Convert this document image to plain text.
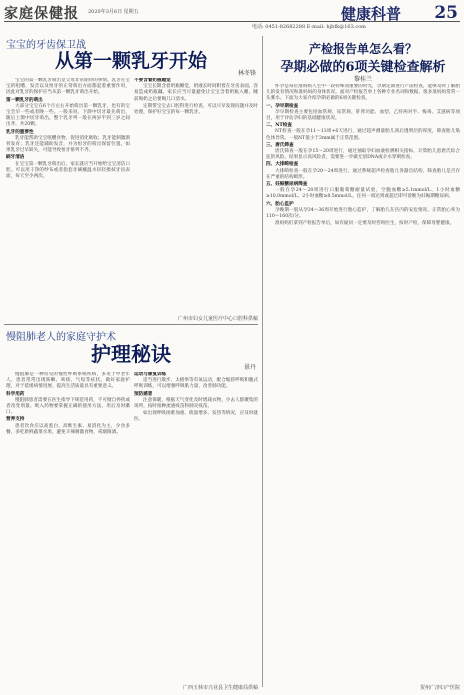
家庭保健报 2020年3月6日 星期五	健康科普 25
电话: 0451-82682288 E-mail: hjbfk@163.com
宝宝的牙齿保卫战
从第一颗乳牙开始
林冬锋

宝宝的第一颗乳牙萌出是父母非常期待的事情。乳牙在宝宝的咀嚼、发音以及恒牙的正常萌出方面都起着重要作用，因此对乳牙的保护应当从第一颗乳牙萌出开始。

第一颗乳牙的萌出

大部分宝宝在6个月左右开始萌出第一颗乳牙，也有的宝宝会早一些或者晚一些。一般来说，下颌中切牙最先萌出，随后上颌中切牙萌出，整个乳牙列一般在两岁半到三岁之间出齐，共20颗。

乳牙的重要性

乳牙能帮助宝宝咀嚼食物，促进消化吸收；乳牙能刺激颌骨发育；乳牙还能辅助发音，并为恒牙的萌出保留位置。如果乳牙过早缺失，可能导致恒牙排列不齐。

刷牙清洁

在宝宝第一颗乳牙萌出后，家长就应当开始给宝宝清洁口腔。可以用干净的纱布或者指套牙刷蘸温水轻轻擦拭牙齿表面，每天至少两次。

不要含着奶瓶睡觉

宝宝长期含着奶瓶睡觉，奶液长时间附着在牙齿表面，容易造成奶瓶龋。家长应当尽量避免让宝宝含着奶瓶入睡，睡前喝奶之后要喝几口清水。

定期带宝宝去口腔科进行检查，可以尽早发现问题并及时处理，保护好宝宝的每一颗乳牙。

广州市妇女儿童医疗中心口腔科供稿
慢阻肺老人的家庭守护术
护理秘诀
景丹

慢阻肺是一种常见的慢性呼吸系统疾病，多见于中老年人，患者常常出现咳嗽、咳痰、气短等症状。做好家庭护理，对于延缓病情进展、提高生活质量具有重要意义。

科学用药

慢阻肺患者需要在医生指导下规范用药，不可擅自停药或者改变剂量。吸入药物要掌握正确的使用方法，用后及时漱口。

营养支持

患者饮食应以高蛋白、高维生素、易消化为主，少食多餐，多吃新鲜蔬菜水果，避免辛辣刺激食物，戒烟限酒。

运动与康复训练

适当进行散步、太极拳等有氧运动，配合缩唇呼吸和腹式呼吸训练，可以增强呼吸肌力量，改善肺功能。

预防感冒

注意保暖，根据天气变化及时增减衣物，少去人群聚集的场所，按时接种流感疫苗和肺炎疫苗。

如出现呼吸困难加重、痰量增多、发热等情况，应及时就医。

广西玉林市兴业县卫生健康局供稿
产检报告单怎么看？
孕期必做的6项关键检查解析
黎桂兰

怀孕是每位准妈妈人生中一段特殊而重要的时光，孕期定期进行产前检查，能够及时了解胎儿的发育情况和准妈妈的身体状况。面对产检报告单上各种专业名词和数据，很多准妈妈常常一头雾水。下面为大家介绍孕期必做的6项关键检查。

一、孕早期检查

孕早期检查主要包括血常规、尿常规、肝肾功能、血型、乙肝两对半、梅毒、艾滋病等项目，用于评估孕妇的基础健康状况。

二、NT检查

NT检查一般在孕11～13周+6天进行，通过超声测量胎儿颈后透明层的厚度，筛查胎儿染色体异常。一般NT值小于3mm属于正常范围。

三、唐氏筛查

唐氏筛查一般在孕15～20周进行，通过抽取孕妇血液检测相关指标，计算胎儿患唐氏综合征的风险。结果显示高风险者，需要进一步做无创DNA或羊水穿刺检查。

四、大排畸检查

大排畸检查一般在孕20～24周进行，通过系统超声检查胎儿各器官结构，筛查胎儿是否存在严重的结构畸形。

五、妊娠糖尿病筛查

一般在孕24～28周进行口服葡萄糖耐量试验，空腹血糖≥5.1mmol/L、1小时血糖≥10.0mmol/L、2小时血糖≥8.5mmol/L，任何一项达到或超过即可诊断为妊娠期糖尿病。

六、胎心监护

孕晚期一般从孕34～36周开始进行胎心监护，了解胎儿在宫内的安危情况。正常胎心率为110～160次/分。

准妈妈们拿到产检报告单后，如有疑问一定要及时咨询医生，按时产检，保障母婴健康。

贺州广济妇产医院
